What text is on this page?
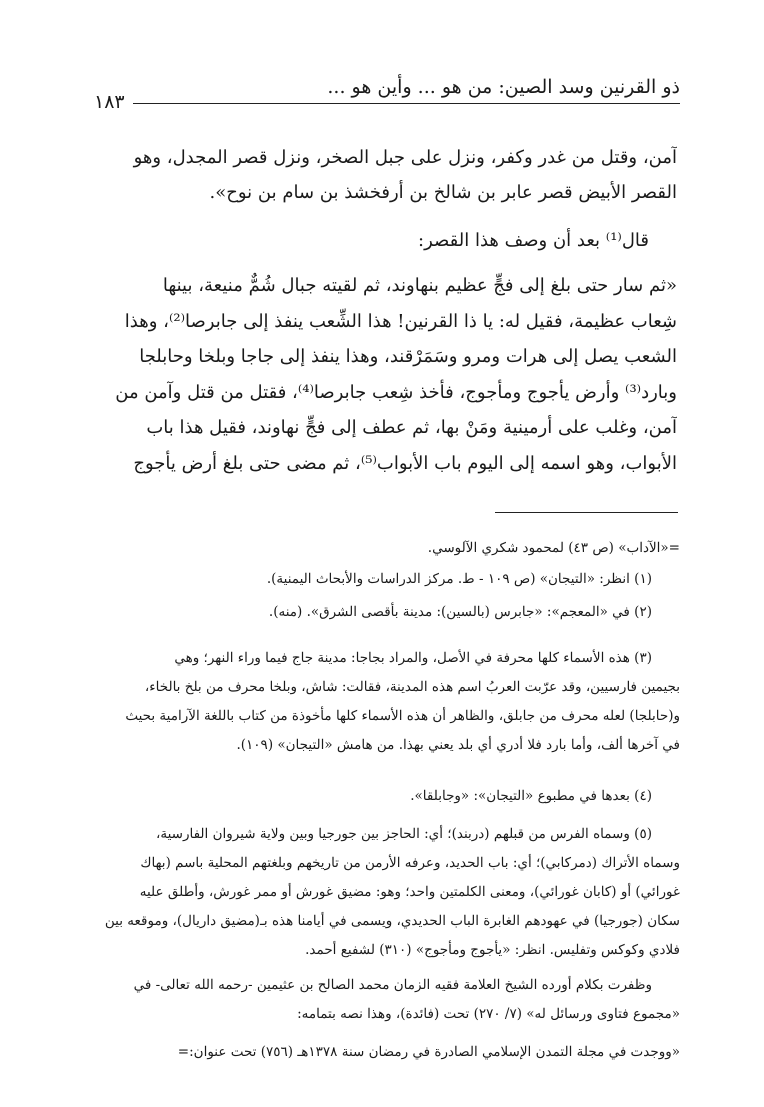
ذو القرنين وسد الصين: من هو ... وأين هو ...
١٨٣
آمن، وقتل من غدر وكفر، ونزل على جبل الصخر، ونزل قصر المجدل، وهو
القصر الأبيض قصر عابر بن شالخ بن أرفخشذ بن سام بن نوح».
قال⁽¹⁾ بعد أن وصف هذا القصر:
«ثم سار حتى بلغ إلى فجٍّ عظيم بنهاوند، ثم لقيته جبال شُمٌّ منيعة، بينها
شِعاب عظيمة، فقيل له: يا ذا القرنين! هذا الشِّعب ينفذ إلى جابرصا⁽²⁾، وهذا
الشعب يصل إلى هرات ومرو وسَمَرْقند، وهذا ينفذ إلى جاجا وبلخا وحابلجا
وبارد⁽³⁾ وأرض يأجوج ومأجوج، فأخذ شِعب جابرصا⁽⁴⁾، فقتل من قتل وآمن من
آمن، وغلب على أرمينية ومَنْ بها، ثم عطف إلى فجٍّ نهاوند، فقيل هذا باب
الأبواب، وهو اسمه إلى اليوم باب الأبواب⁽⁵⁾، ثم مضى حتى بلغ أرض يأجوج
=«الآداب» (ص ٤٣) لمحمود شكري الآلوسي.
(١) انظر: «التيجان» (ص ١٠٩ - ط. مركز الدراسات والأبحاث اليمنية).
(٢) في «المعجم»: «جابرس (بالسين): مدينة بأقصى الشرق». (منه).
(٣) هذه الأسماء كلها محرفة في الأصل، والمراد بجاجا: مدينة جاج فيما وراء النهر؛ وهي
بجيمين فارسيين، وقد عرّبت العربُ اسم هذه المدينة، فقالت: شاش، وبلخا محرف من بلخ بالخاء،
و(حابلجا) لعله محرف من جابلق، والظاهر أن هذه الأسماء كلها مأخوذة من كتاب باللغة الآرامية بحيث
في آخرها ألف، وأما بارد فلا أدري أي بلد يعني بهذا. من هامش «التيجان» (١٠٩).
(٤) بعدها في مطبوع «التيجان»: «وجابلقا».
(٥) وسماه الفرس من قبلهم (دربند)؛ أي: الحاجز بين جورجيا وبين ولاية شيروان الفارسية،
وسماه الأتراك (دمركابي)؛ أي: باب الحديد، وعرفه الأرمن من تاريخهم وبلغتهم المحلية باسم (بهاك
غورائي) أو (كابان غورائي)، ومعنى الكلمتين واحد؛ وهو: مضيق غورش أو ممر غورش، وأطلق عليه
سكان (جورجيا) في عهودهم الغابرة الباب الحديدي، ويسمى في أيامنا هذه بـ(مضيق داريال)، وموقعه بين
فلادي وكوكس وتفليس. انظر: «يأجوج ومأجوج» (٣١٠) لشفيع أحمد.
وظفرت بكلام أورده الشيخ العلامة فقيه الزمان محمد الصالح بن عثيمين -رحمه الله تعالى- في
«مجموع فتاوى ورسائل له» (٧/ ٢٧٠) تحت (فائدة)، وهذا نصه بتمامه:
«ووجدت في مجلة التمدن الإسلامي الصادرة في رمضان سنة ١٣٧٨هـ (٧٥٦) تحت عنوان:=
